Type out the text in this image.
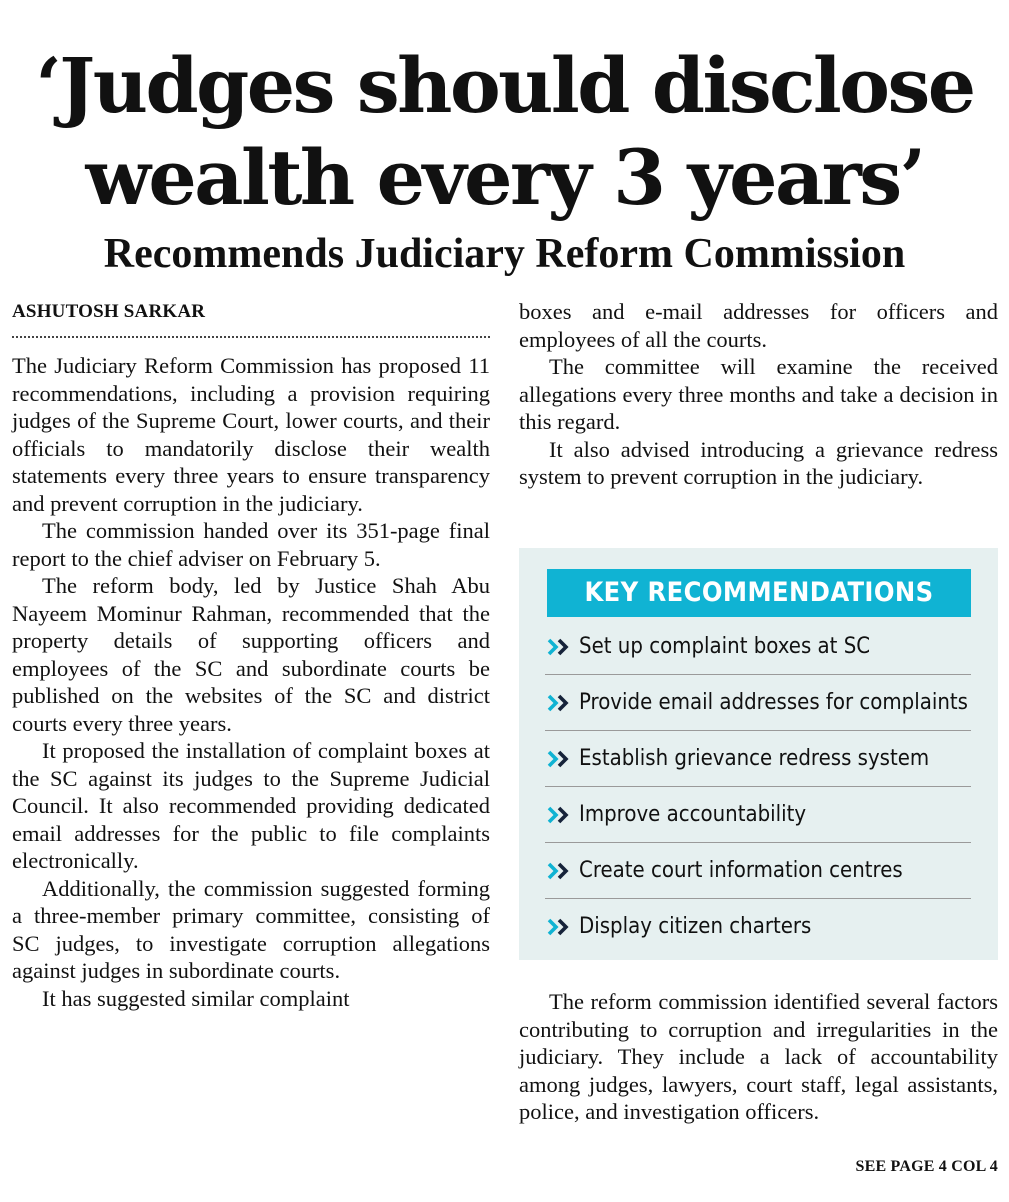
‘Judges should disclose
wealth every 3 years’
Recommends Judiciary Reform Commission
ASHUTOSH SARKAR

The Judiciary Reform Commission has proposed 11 recommendations, including a provision requiring judges of the Supreme Court, lower courts, and their officials to mandatorily disclose their wealth statements every three years to ensure transparency and prevent corruption in the judiciary.

The commission handed over its 351-page final report to the chief adviser on February 5.

The reform body, led by Justice Shah Abu Nayeem Mominur Rahman, recommended that the property details of supporting officers and employees of the SC and subordinate courts be published on the websites of the SC and district courts every three years.

It proposed the installation of complaint boxes at the SC against its judges to the Supreme Judicial Council. It also recommended providing dedicated email addresses for the public to file complaints electronically.

Additionally, the commission suggested forming a three-member primary committee, consisting of SC judges, to investigate corruption allegations against judges in subordinate courts.

It has suggested similar complaint

boxes and e-mail addresses for officers and employees of all the courts.

The committee will examine the received allegations every three months and take a decision in this regard.

It also advised introducing a grievance redress system to prevent corruption in the judiciary.

KEY RECOMMENDATIONS
Set up complaint boxes at SC
Provide email addresses for complaints
Establish grievance redress system
Improve accountability
Create court information centres
Display citizen charters

The reform commission identified several factors contributing to corruption and irregularities in the judiciary. They include a lack of accountability among judges, lawyers, court staff, legal assistants, police, and investigation officers.

SEE PAGE 4 COL 4
